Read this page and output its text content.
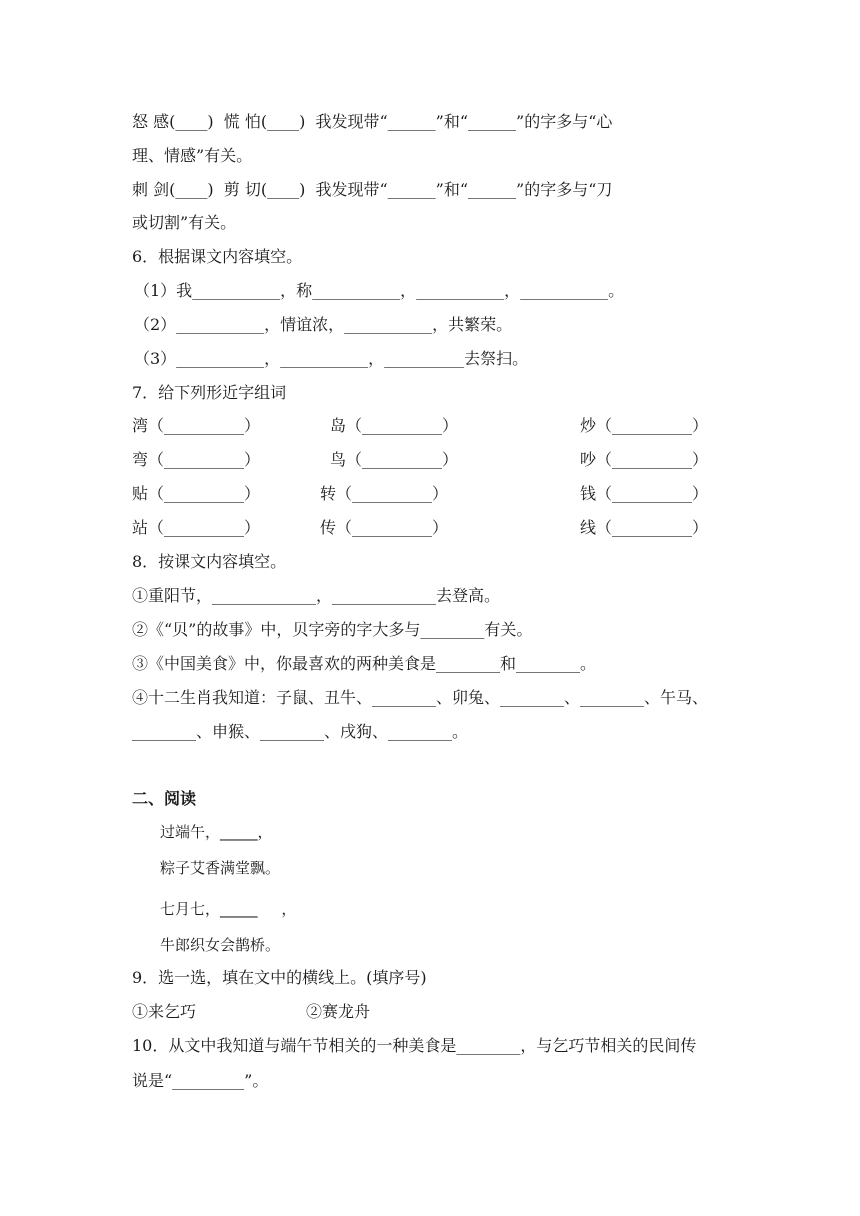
怒 感(____)  慌 怕(____)  我发现带“______”和“______”的字多与“心
理、情感”有关。
刺 剑(____)  剪 切(____)  我发现带“______”和“______”的字多与“刀
或切割”有关。
6．根据课文内容填空。
（1）我___________，称___________，___________，___________。
（2）___________，情谊浓，___________，共繁荣。
（3）___________，___________，__________去祭扫。
7．给下列形近字组词
湾（__________）	岛（__________）	炒（__________）
弯（__________）	鸟（__________）	吵（__________）
贴（__________）	转（__________）	钱（__________）
站（__________）	传（__________）	线（__________）
8．按课文内容填空。
①重阳节，_____________，_____________去登高。
②《“贝”的故事》中，贝字旁的字大多与________有关。
③《中国美食》中，你最喜欢的两种美食是________和________。
④十二生肖我知道：子鼠、丑牛、________、卯兔、________、________、午马、
________、申猴、________、戌狗、________。
二、阅读
过端午，_____，
粽子艾香满堂飘。
七月七，_____     ，
牛郎织女会鹊桥。
9．选一选，填在文中的横线上。(填序号)
①来乞巧	②赛龙舟
10．从文中我知道与端午节相关的一种美食是________，与乞巧节相关的民间传
说是“_________”。
